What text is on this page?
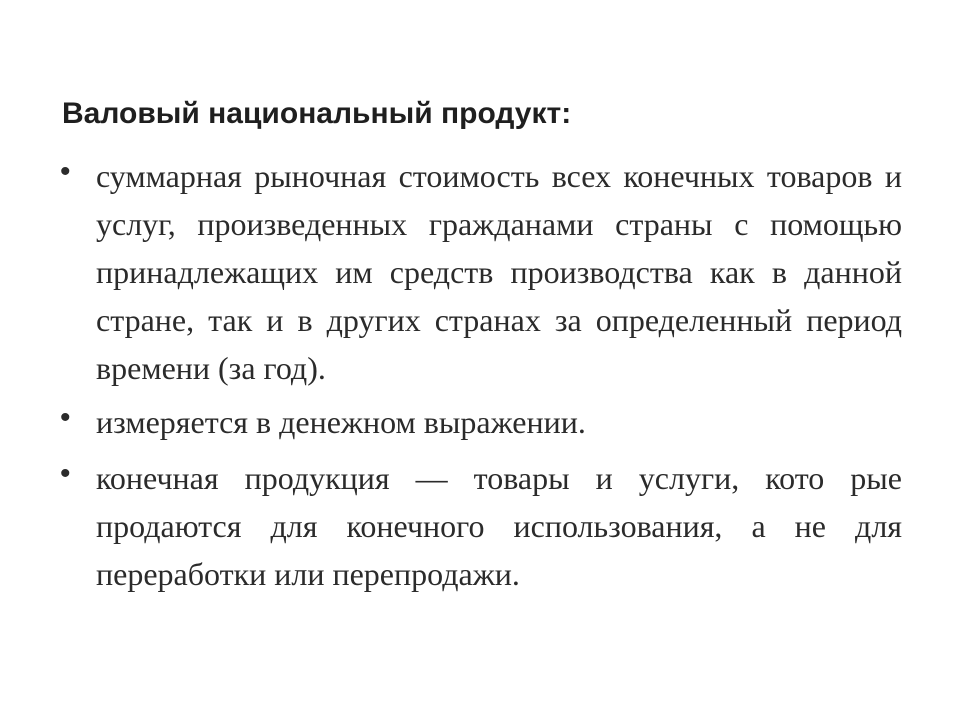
Валовый национальный продукт:
• суммарная рыночная стоимость всех конечных товаров и услуг, произведенных гражданами страны с помощью принадлежащих им средств производства как в данной стране, так и в других странах за определенный период времени (за год).
• измеряется в денежном выражении.
• конечная продукция — товары и услуги, кото рые продаются для конечного использования, а не для переработки или перепродажи.
